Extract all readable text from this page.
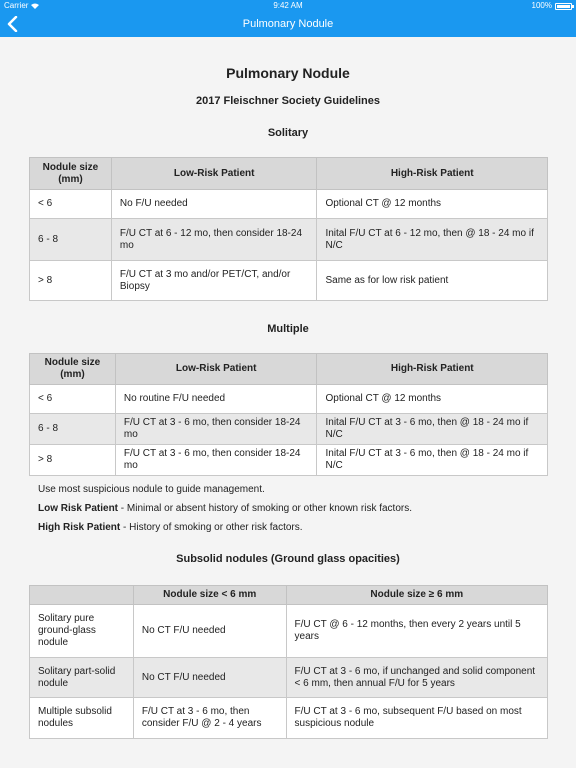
Carrier	9:42 AM	100%
Pulmonary Nodule
Pulmonary Nodule
2017 Fleischner Society Guidelines
Solitary
Nodule size (mm)	Low-Risk Patient	High-Risk Patient
< 6	No F/U needed	Optional CT @ 12 months
6 - 8	F/U CT at 6 - 12 mo, then consider 18-24 mo	Inital F/U CT at 6 - 12 mo, then @ 18 - 24 mo if N/C
> 8	F/U CT at 3 mo and/or PET/CT, and/or Biopsy	Same as for low risk patient
Multiple
Nodule size (mm)	Low-Risk Patient	High-Risk Patient
< 6	No routine F/U needed	Optional CT @ 12 months
6 - 8	F/U CT at 3 - 6 mo, then consider 18-24 mo	Inital F/U CT at 3 - 6 mo, then @ 18 - 24 mo if N/C
> 8	F/U CT at 3 - 6 mo, then consider 18-24 mo	Inital F/U CT at 3 - 6 mo, then @ 18 - 24 mo if N/C

Use most suspicious nodule to guide management.

Low Risk Patient - Minimal or absent history of smoking or other known risk factors.

High Risk Patient - History of smoking or other risk factors.

Subsolid nodules (Ground glass opacities)
	Nodule size < 6 mm	Nodule size ≥ 6 mm
Solitary pure ground-glass nodule	No CT F/U needed	F/U CT @ 6 - 12 months, then every 2 years until 5 years
Solitary part-solid nodule	No CT F/U needed	F/U CT at 3 - 6 mo, if unchanged and solid component < 6 mm, then annual F/U for 5 years
Multiple subsolid nodules	F/U CT at 3 - 6 mo, then consider F/U @ 2 - 4 years	F/U CT at 3 - 6 mo, subsequent F/U based on most suspicious nodule
